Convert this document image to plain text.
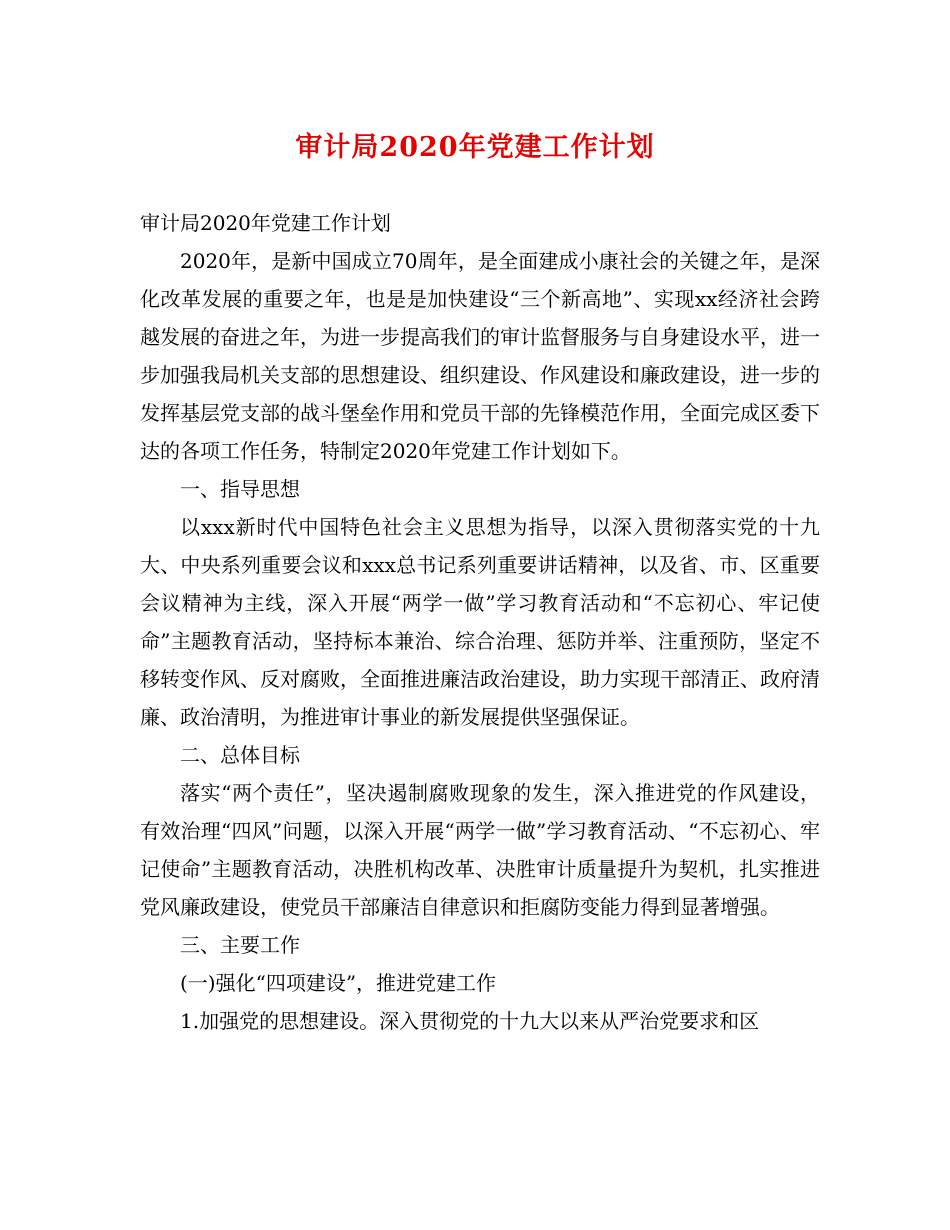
审计局2020年党建工作计划

审计局2020年党建工作计划

2020年，是新中国成立70周年，是全面建成小康社会的关键之年，是深化改革发展的重要之年，也是是加快建设“三个新高地”、实现xx经济社会跨越发展的奋进之年，为进一步提高我们的审计监督服务与自身建设水平，进一步加强我局机关支部的思想建设、组织建设、作风建设和廉政建设，进一步的发挥基层党支部的战斗堡垒作用和党员干部的先锋模范作用，全面完成区委下达的各项工作任务，特制定2020年党建工作计划如下。

一、指导思想

以xxx新时代中国特色社会主义思想为指导，以深入贯彻落实党的十九大、中央系列重要会议和xxx总书记系列重要讲话精神，以及省、市、区重要会议精神为主线，深入开展“两学一做”学习教育活动和“不忘初心、牢记使命”主题教育活动，坚持标本兼治、综合治理、惩防并举、注重预防，坚定不移转变作风、反对腐败，全面推进廉洁政治建设，助力实现干部清正、政府清廉、政治清明，为推进审计事业的新发展提供坚强保证。

二、总体目标

落实“两个责任”，坚决遏制腐败现象的发生，深入推进党的作风建设，有效治理“四风”问题，以深入开展“两学一做”学习教育活动、“不忘初心、牢记使命”主题教育活动，决胜机构改革、决胜审计质量提升为契机，扎实推进党风廉政建设，使党员干部廉洁自律意识和拒腐防变能力得到显著增强。

三、主要工作

(一)强化“四项建设”，推进党建工作

1.加强党的思想建设。深入贯彻党的十九大以来从严治党要求和区
